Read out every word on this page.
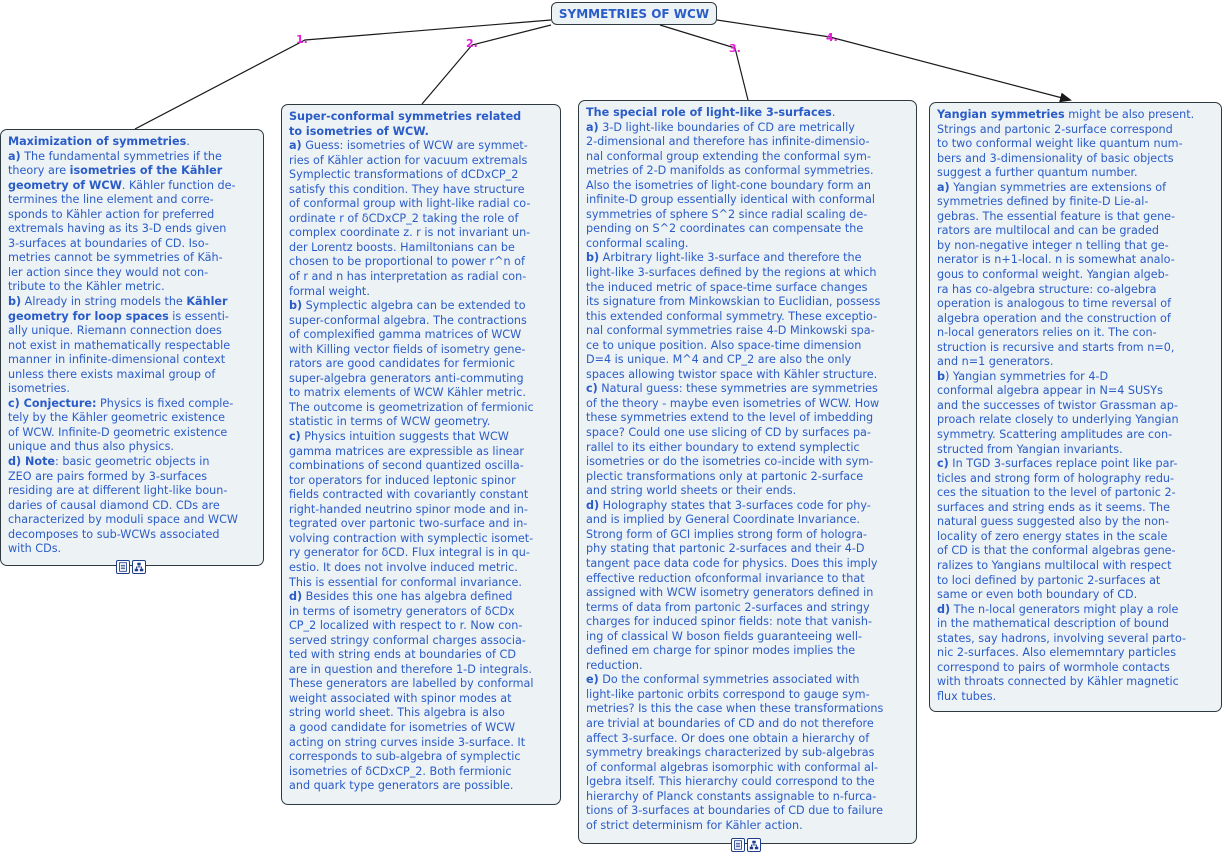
1.	2.	3.
4.
SYMMETRIES OF WCW
Maximization of symmetries.
a) The fundamental symmetries if the
theory are isometries of the Kähler
geometry of WCW. Kähler function de-
termines the line element and corre-
sponds to Kähler action for preferred
extremals having as its 3-D ends given
3-surfaces at boundaries of CD. Iso-
metries cannot be symmetries of Käh-
ler action since they would not con-
tribute to the Kähler metric.
b) Already in string models the Kähler
geometry for loop spaces is essenti-
ally unique. Riemann connection does
not exist in mathematically respectable
manner in infinite-dimensional context
unless there exists maximal group of
isometries.
c) Conjecture: Physics is fixed comple-
tely by the Kähler geometric existence
of WCW. Infinite-D geometric existence
unique and thus also physics.
d) Note: basic geometric objects in
ZEO are pairs formed by 3-surfaces
residing are at different light-like boun-
daries of causal diamond CD. CDs are
characterized by moduli space and WCW
decomposes to sub-WCWs associated
with CDs.
Super-conformal symmetries related
to isometries of WCW.
a) Guess: isometries of WCW are symmet-
ries of Kähler action for vacuum extremals
Symplectic transformations of dCDxCP_2
satisfy this condition. They have structure
of conformal group with light-like radial co-
ordinate r of δCDxCP_2 taking the role of
complex coordinate z. r is not invariant un-
der Lorentz boosts. Hamiltonians can be
chosen to be proportional to power r^n of
of r and n has interpretation as radial con-
formal weight.
b) Symplectic algebra can be extended to
super-conformal algebra. The contractions
of complexified gamma matrices of WCW
with Killing vector fields of isometry gene-
rators are good candidates for fermionic
super-algebra generators anti-commuting
to matrix elements of WCW Kähler metric.
The outcome is geometrization of fermionic
statistic in terms of WCW geometry.
c) Physics intuition suggests that WCW
gamma matrices are expressible as linear
combinations of second quantized oscilla-
tor operators for induced leptonic spinor
fields contracted with covariantly constant
right-handed neutrino spinor mode and in-
tegrated over partonic two-surface and in-
volving contraction with symplectic isomet-
ry generator for δCD. Flux integral is in qu-
estio. It does not involve induced metric.
This is essential for conformal invariance.
d) Besides this one has algebra defined
in terms of isometry generators of δCDx
CP_2 localized with respect to r. Now con-
served stringy conformal charges associa-
ted with string ends at boundaries of CD
are in question and therefore 1-D integrals.
These generators are labelled by conformal
weight associated with spinor modes at
string world sheet. This algebra is also
a good candidate for isometries of WCW
acting on string curves inside 3-surface. It
corresponds to sub-algebra of symplectic
isometries of δCDxCP_2. Both fermionic
and quark type generators are possible.
The special role of light-like 3-surfaces.
a) 3-D light-like boundaries of CD are metrically
2-dimensional and therefore has infinite-dimensio-
nal conformal group extending the conformal sym-
metries of 2-D manifolds as conformal symmetries.
Also the isometries of light-cone boundary form an
infinite-D group essentially identical with conformal
symmetries of sphere S^2 since radial scaling de-
pending on S^2 coordinates can compensate the
conformal scaling.
b) Arbitrary light-like 3-surface and therefore the
light-like 3-surfaces defined by the regions at which
the induced metric of space-time surface changes
its signature from Minkowskian to Euclidian, possess
this extended conformal symmetry. These exceptio-
nal conformal symmetries raise 4-D Minkowski spa-
ce to unique position. Also space-time dimension
D=4 is unique. M^4 and CP_2 are also the only
spaces allowing twistor space with Kähler structure.
c) Natural guess: these symmetries are symmetries
of the theory - maybe even isometries of WCW. How
these symmetries extend to the level of imbedding
space? Could one use slicing of CD by surfaces pa-
rallel to its either boundary to extend symplectic
isometries or do the isometries co-incide with sym-
plectic transformations only at partonic 2-surface
and string world sheets or their ends.
d) Holography states that 3-surfaces code for phy-
and is implied by General Coordinate Invariance.
Strong form of GCI implies strong form of hologra-
phy stating that partonic 2-surfaces and their 4-D
tangent pace data code for physics. Does this imply
effective reduction ofconformal invariance to that
assigned with WCW isometry generators defined in
terms of data from partonic 2-surfaces and stringy
charges for induced spinor fields: note that vanish-
ing of classical W boson fields guaranteeing well-
defined em charge for spinor modes implies the
reduction.
e) Do the conformal symmetries associated with
light-like partonic orbits correspond to gauge sym-
metries? Is this the case when these transformations
are trivial at boundaries of CD and do not therefore
affect 3-surface. Or does one obtain a hierarchy of
symmetry breakings characterized by sub-algebras
of conformal algebras isomorphic with conformal al-
lgebra itself. This hierarchy could correspond to the
hierarchy of Planck constants assignable to n-furca-
tions of 3-surfaces at boundaries of CD due to failure
of strict determinism for Kähler action.
Yangian symmetries might be also present.
Strings and partonic 2-surface correspond
to two conformal weight like quantum num-
bers and 3-dimensionality of basic objects
suggest a further quantum number.
a) Yangian symmetries are extensions of
symmetries defined by finite-D Lie-al-
gebras. The essential feature is that gene-
rators are multilocal and can be graded
by non-negative integer n telling that ge-
nerator is n+1-local. n is somewhat analo-
gous to conformal weight. Yangian algeb-
ra has co-algebra structure: co-algebra
operation is analogous to time reversal of
algebra operation and the construction of
n-local generators relies on it. The con-
struction is recursive and starts from n=0,
and n=1 generators.
b) Yangian symmetries for 4-D
conformal algebra appear in N=4 SUSYs
and the successes of twistor Grassman ap-
proach relate closely to underlying Yangian
symmetry. Scattering amplitudes are con-
structed from Yangian invariants.
c) In TGD 3-surfaces replace point like par-
ticles and strong form of holography redu-
ces the situation to the level of partonic 2-
surfaces and string ends as it seems. The
natural guess suggested also by the non-
locality of zero energy states in the scale
of CD is that the conformal algebras gene-
ralizes to Yangians multilocal with respect
to loci defined by partonic 2-surfaces at
same or even both boundary of CD.
d) The n-local generators might play a role
in the mathematical description of bound
states, say hadrons, involving several parto-
nic 2-surfaces. Also elememntary particles
correspond to pairs of wormhole contacts
with throats connected by Kähler magnetic
flux tubes.
